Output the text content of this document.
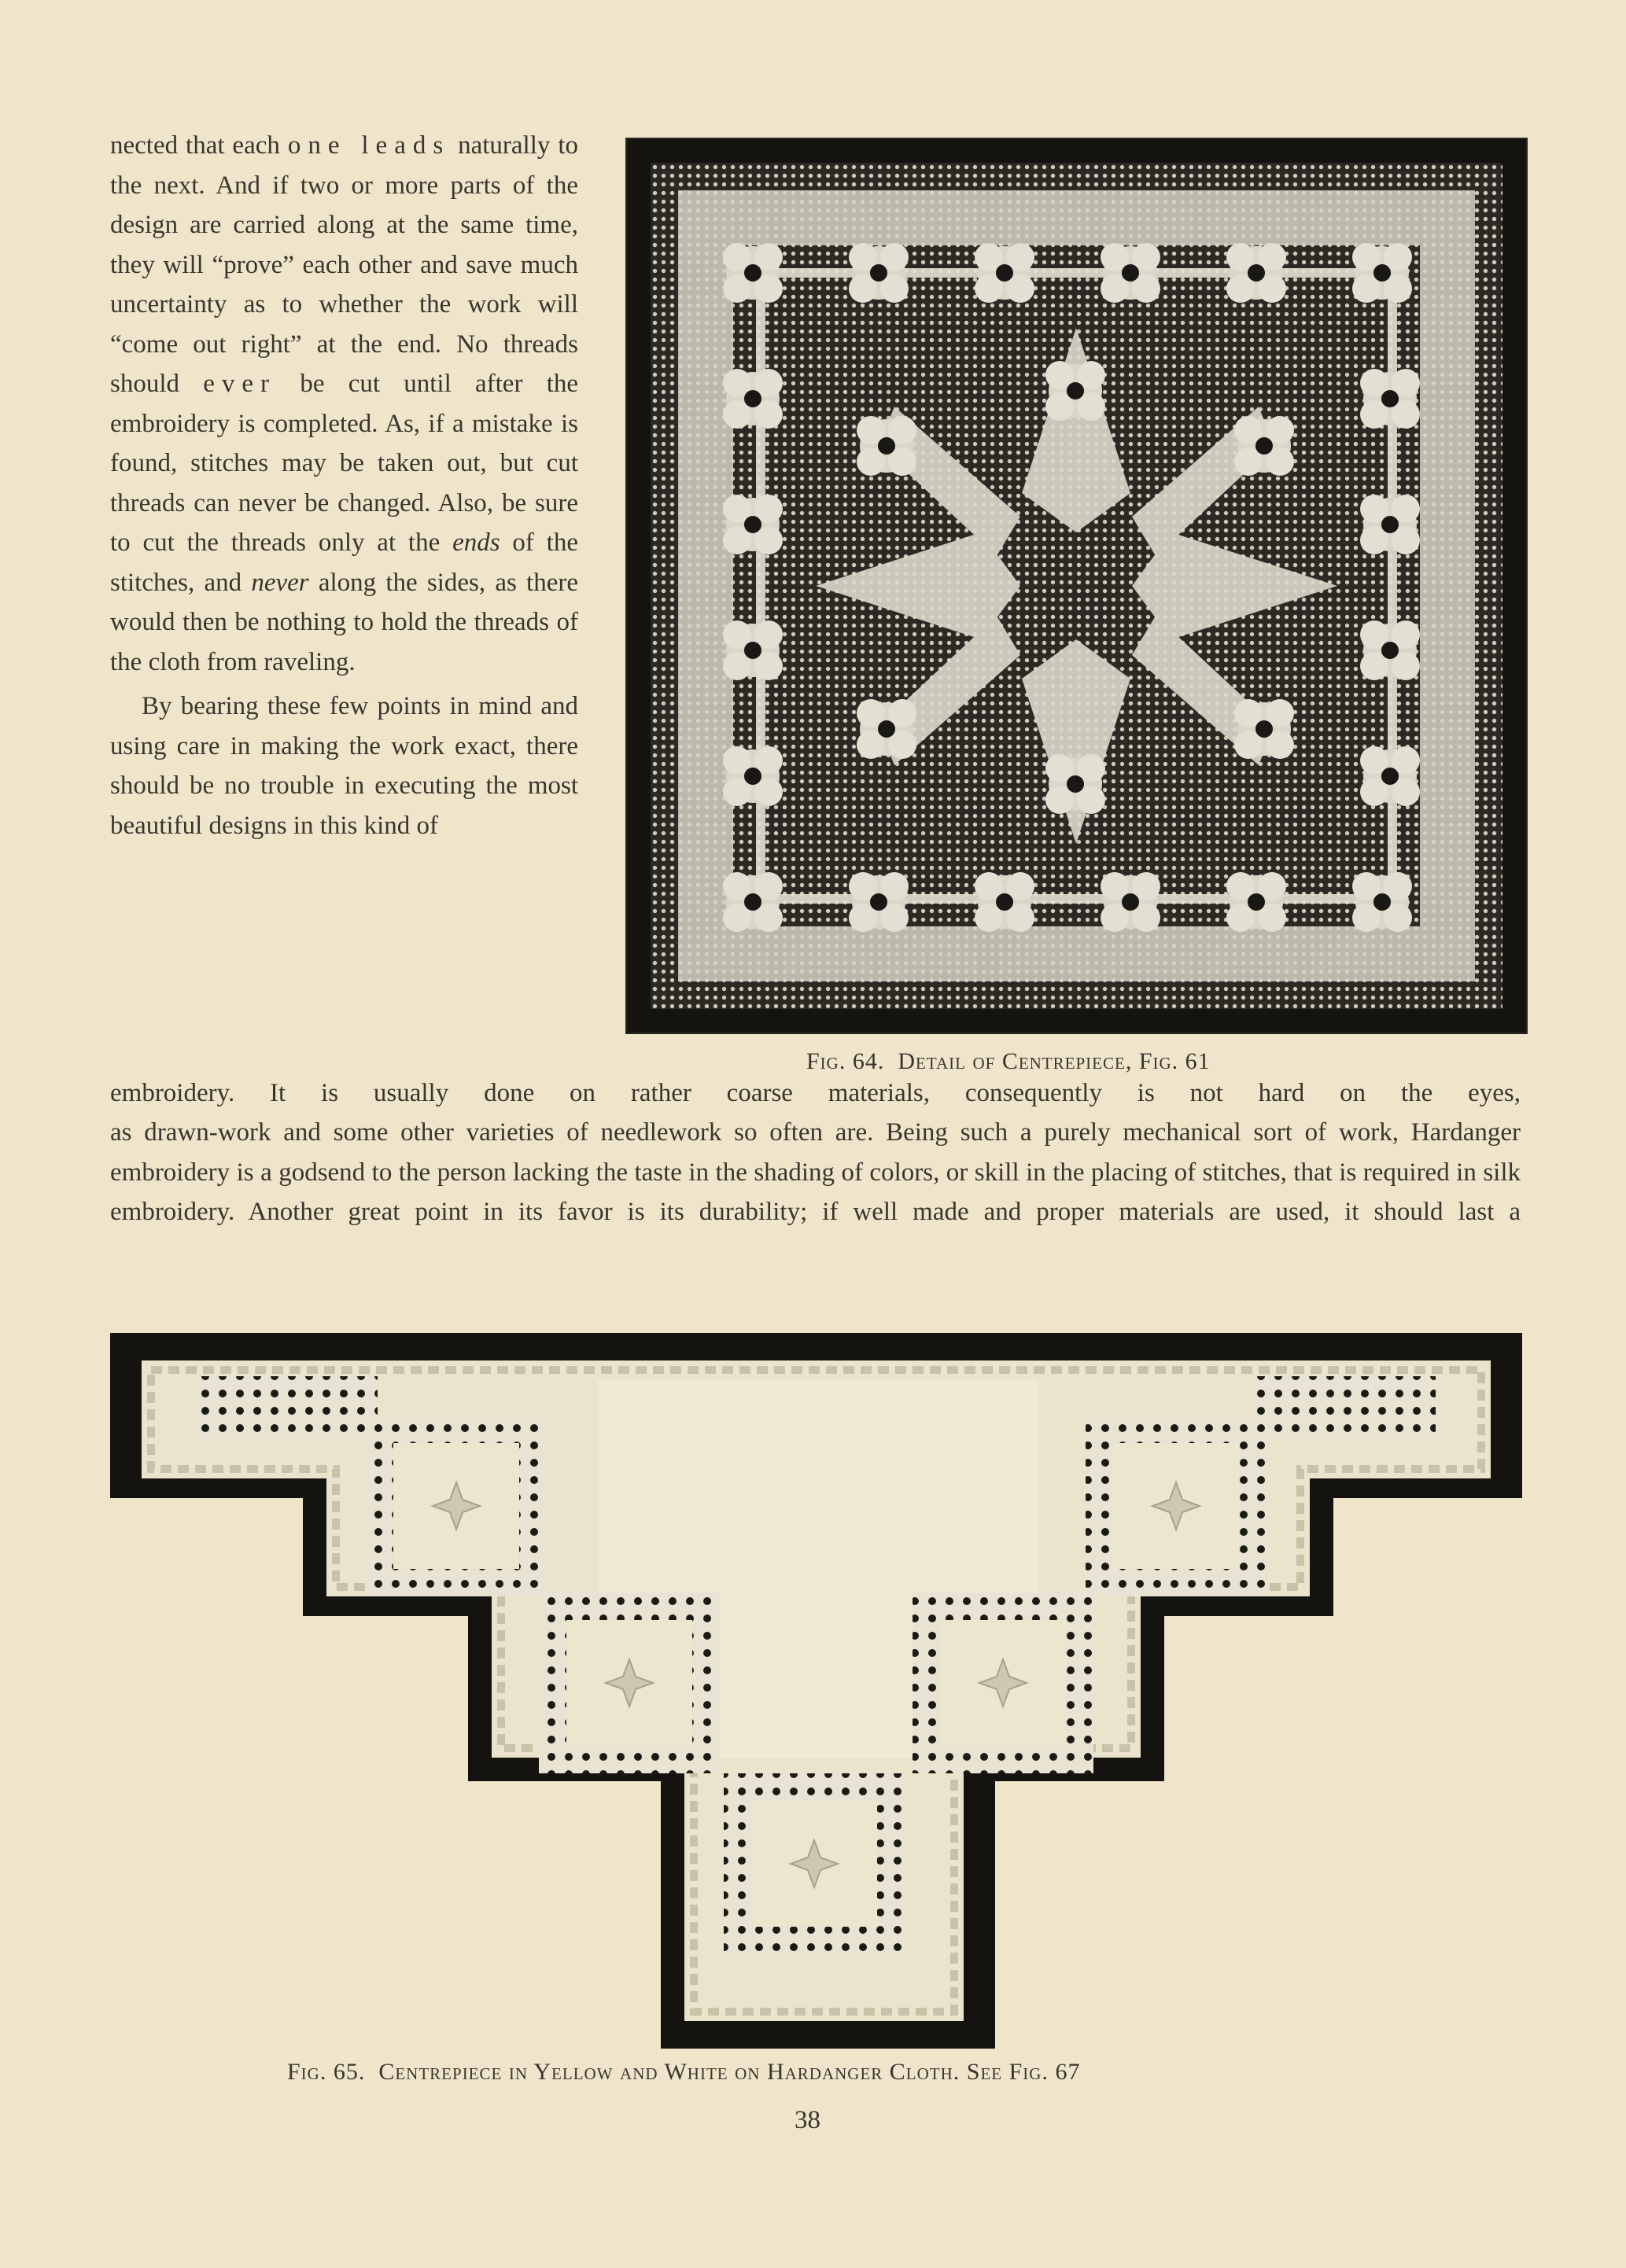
nected that each one leads naturally to the next. And if two or more parts of the design are carried along at the same time, they will “prove” each other and save much uncertainty as to whether the work will “come out right” at the end. No threads should ever be cut until after the embroidery is completed. As, if a mistake is found, stitches may be taken out, but cut threads can never be changed. Also, be sure to cut the threads only at the ends of the stitches, and never along the sides, as there would then be nothing to hold the threads of the cloth from raveling.

By bearing these few points in mind and using care in making the work exact, there should be no trouble in executing the most beautiful designs in this kind of

Fig. 64. Detail of Centrepiece, Fig. 61
embroidery. It is usually done on rather coarse materials, consequently is not hard on the eyes,
as drawn-work and some other varieties of needlework so often are. Being such a purely mechanical sort of work, Hardanger embroidery is a godsend to the person lacking the taste in the shading of colors, or skill in the placing of stitches, that is required in silk embroidery. Another great point in its favor is its durability; if well made and proper materials are used, it should last a
Fig. 65. Centrepiece in Yellow and White on Hardanger Cloth. See Fig. 67
38
